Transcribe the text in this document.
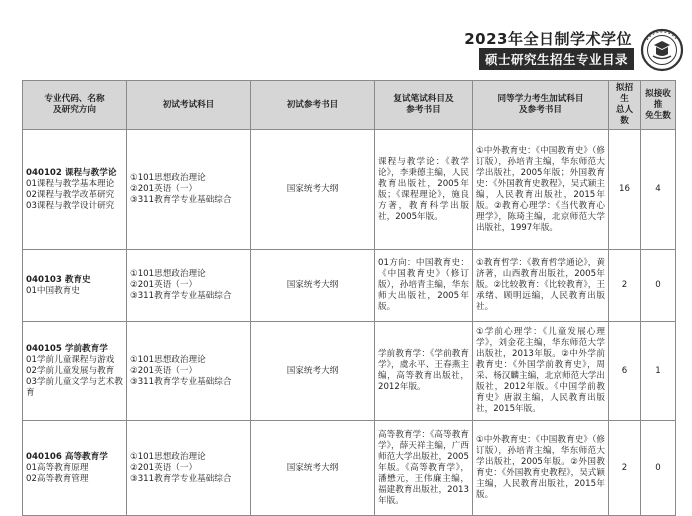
2023年全日制学术学位
硕士研究生招生专业目录
专业代码、名称
及研究方向	初试考试科目	初试参考书目	复试笔试科目及
参考书目	同等学力考生加试科目
及参考书目	拟招生
总人数	拟接收推
免生数

040102 课程与教学论
01课程与教学基本理论
02课程与教学改革研究
03课程与教学设计研究	①101思想政治理论
②201英语（一）
③311教育学专业基础综合	国家统考大纲	课程与教学论：《教学论》，李秉德主编，人民教育出版社，2005年版；《课程理论》，施良方著，教育科学出版社，2005年版。	①中外教育史：《中国教育史》（修订版），孙培青主编，华东师范大学出版社，2005年版；外国教育史：《外国教育史教程》，吴式颖主编，人民教育出版社，2015年版。②教育心理学：《当代教育心理学》，陈琦主编，北京师范大学出版社，1997年版。	16	4

040103 教育史
01中国教育史	①101思想政治理论
②201英语（一）
③311教育学专业基础综合	国家统考大纲	01方向：中国教育史：《中国教育史》（修订版），孙培青主编，华东师大出版社，2005年版。	①教育哲学：《教育哲学通论》，黄济著，山西教育出版社，2005年版。②比较教育：《比较教育》，王承绪、顾明远编，人民教育出版社。	2	0

040105 学前教育学
01学前儿童课程与游戏
02学前儿童发展与教育
03学前儿童文学与艺术教育	①101思想政治理论
②201英语（一）
③311教育学专业基础综合	国家统考大纲	学前教育学：《学前教育学》，虞永平、王春燕主编，高等教育出版社，2012年版。	①学前心理学：《儿童发展心理学》，刘金花主编，华东师范大学出版社，2013年版。②中外学前教育史：《外国学前教育史》，周采、杨汉麟主编，北京师范大学出版社，2012年版。《中国学前教育史》唐淑主编，人民教育出版社，2015年版。	6	1

040106 高等教育学
01高等教育原理
02高等教育管理	①101思想政治理论
②201英语（一）
③311教育学专业基础综合	国家统考大纲	高等教育学：《高等教育学》，薛天祥主编，广西师范大学出版社，2005年版。《高等教育学》，潘懋元，王伟廉主编，福建教育出版社，2013年版。	①中外教育史：《中国教育史》（修订版），孙培青主编，华东师范大学出版社，2005年版。②外国教育史：《外国教育史教程》，吴式颖主编，人民教育出版社，2015年版。	2	0
